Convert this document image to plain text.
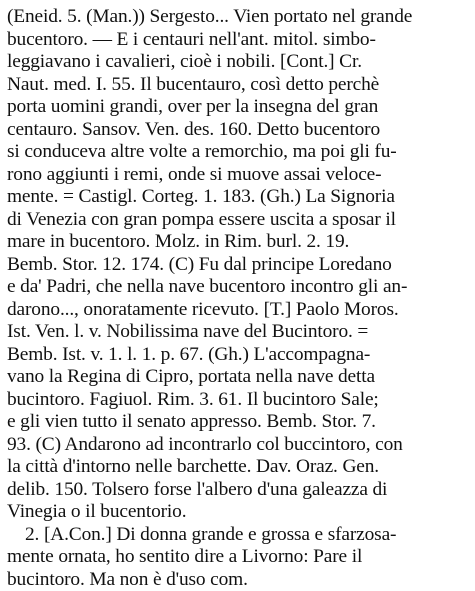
(Eneid. 5. (Man.)) Sergesto... Vien portato nel grande
bucentoro. — E i centauri nell'ant. mitol. simbo-
leggiavano i cavalieri, cioè i nobili. [Cont.] Cr.
Naut. med. I. 55. Il bucentauro, così detto perchè
porta uomini grandi, over per la insegna del gran
centauro. Sansov. Ven. des. 160. Detto bucentoro
si conduceva altre volte a remorchio, ma poi gli fu-
rono aggiunti i remi, onde si muove assai velocе-
mente. = Castigl. Corteg. 1. 183. (Gh.) La Signoria
di Venezia con gran pompa essere uscita a sposar il
mare in bucentoro. Molz. in Rim. burl. 2. 19.
Bemb. Stor. 12. 174. (C) Fu dal principe Loredano
e da' Padri, che nella nave bucentoro incontro gli an-
darono..., onoratamente ricevuto. [T.] Paolo Moros.
Ist. Ven. l. v. Nobilissima nave del Bucintoro. =
Bemb. Ist. v. 1. l. 1. p. 67. (Gh.) L'accompagna-
vano la Regina di Cipro, portata nella nave detta
bucintoro. Fagiuol. Rim. 3. 61. Il bucintoro Sale;
e gli vien tutto il senato appresso. Bemb. Stor. 7.
93. (C) Andarono ad incontrarlo col buccintoro, con
la città d'intorno nelle barchette. Dav. Oraz. Gen.
delib. 150. Tolsero forse l'albero d'una galeazza di
Vinegia o il bucentorio.
2. [A.Con.] Di donna grande e grossa e sfarzosa-
mente ornata, ho sentito dire a Livorno: Pare il
bucintoro. Ma non è d'uso com.
